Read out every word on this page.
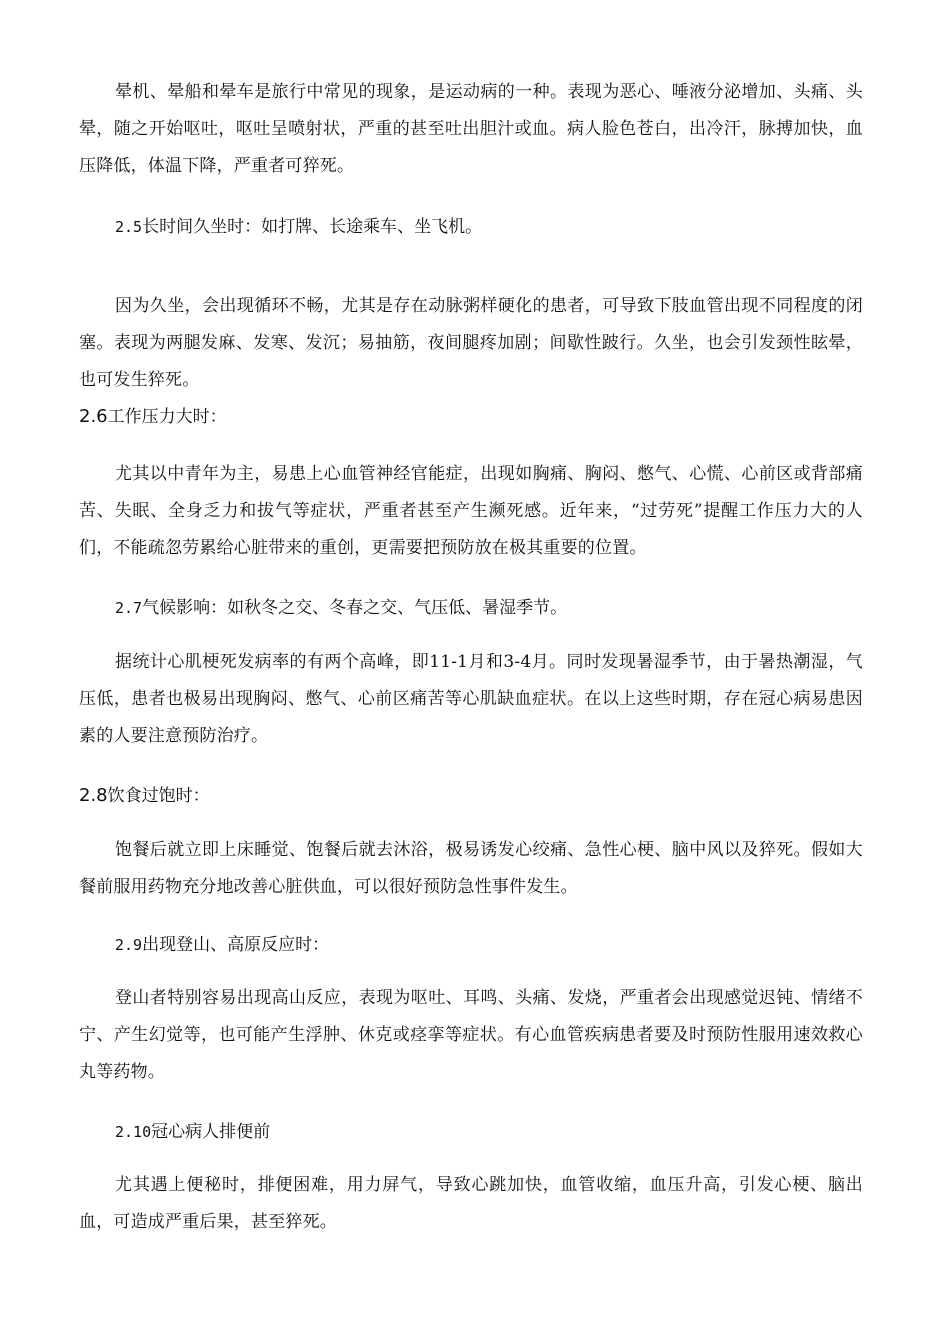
晕机、晕船和晕车是旅行中常见的现象，是运动病的一种。表现为恶心、唾液分泌增加、头痛、头晕，随之开始呕吐，呕吐呈喷射状，严重的甚至吐出胆汁或血。病人脸色苍白，出冷汗，脉搏加快，血压降低，体温下降，严重者可猝死。

2.5长时间久坐时：如打牌、长途乘车、坐飞机。

因为久坐，会出现循环不畅，尤其是存在动脉粥样硬化的患者，可导致下肢血管出现不同程度的闭塞。表现为两腿发麻、发寒、发沉；易抽筋，夜间腿疼加剧；间歇性跛行。久坐，也会引发颈性眩晕，也可发生猝死。

2.6工作压力大时：

尤其以中青年为主，易患上心血管神经官能症，出现如胸痛、胸闷、憋气、心慌、心前区或背部痛苦、失眠、全身乏力和拔气等症状，严重者甚至产生濒死感。近年来，“过劳死”提醒工作压力大的人们，不能疏忽劳累给心脏带来的重创，更需要把预防放在极其重要的位置。

2.7气候影响：如秋冬之交、冬春之交、气压低、暑湿季节。

据统计心肌梗死发病率的有两个高峰，即11-1月和3-4月。同时发现暑湿季节，由于暑热潮湿，气压低，患者也极易出现胸闷、憋气、心前区痛苦等心肌缺血症状。在以上这些时期，存在冠心病易患因素的人要注意预防治疗。

2.8饮食过饱时：

饱餐后就立即上床睡觉、饱餐后就去沐浴，极易诱发心绞痛、急性心梗、脑中风以及猝死。假如大餐前服用药物充分地改善心脏供血，可以很好预防急性事件发生。

2.9出现登山、高原反应时：

登山者特别容易出现高山反应，表现为呕吐、耳鸣、头痛、发烧，严重者会出现感觉迟钝、情绪不宁、产生幻觉等，也可能产生浮肿、休克或痉挛等症状。有心血管疾病患者要及时预防性服用速效救心丸等药物。

2.10冠心病人排便前

尤其遇上便秘时，排便困难，用力屏气，导致心跳加快，血管收缩，血压升高，引发心梗、脑出血，可造成严重后果，甚至猝死。
